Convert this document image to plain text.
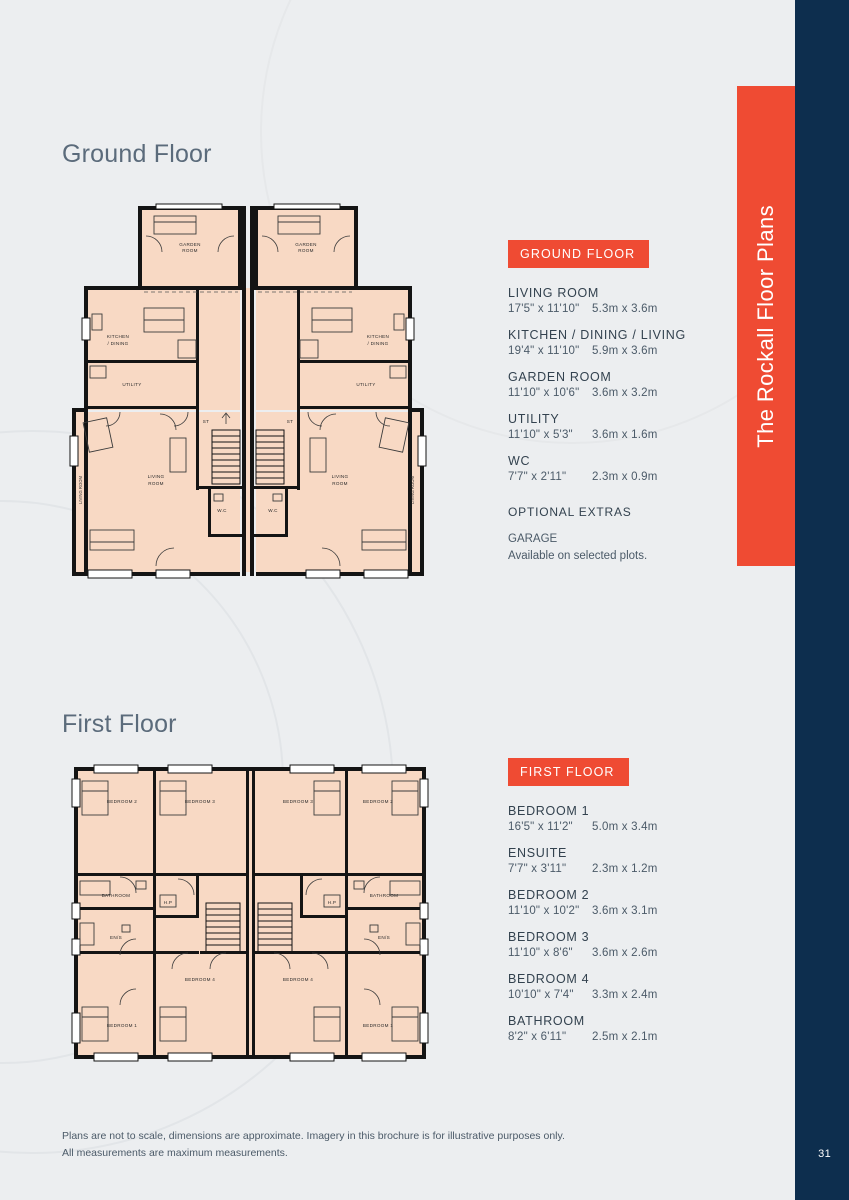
31
The Rockall Floor Plans
Ground Floor
GARDEN
ROOM
GARDEN
ROOM
KITCHEN
/ DINING
KITCHEN
/ DINING
UTILITY	UTILITY
LIVING
ROOM
LIVING
ROOM
ST	ST
W.C	W.C
LIVING ROOM	LIVING ROOM
GROUND FLOOR
LIVING ROOM
17'5" x 11'10" 5.3m x 3.6m
KITCHEN / DINING / LIVING
19'4" x 11'10" 5.9m x 3.6m
GARDEN ROOM
11'10" x 10'6" 3.6m x 3.2m
UTILITY
11'10" x 5'3" 3.6m x 1.6m
WC
7'7" x 2'11" 2.3m x 0.9m
OPTIONAL EXTRAS
GARAGE
Available on selected plots.
First Floor
BEDROOM 2	BEDROOM 3	BEDROOM 3	BEDROOM 2
BATHROOM	BATHROOM
H.P	H.P
EN/S	EN/S
BEDROOM 4	BEDROOM 4
BEDROOM 1	BEDROOM 1
FIRST FLOOR
BEDROOM 1
16'5" x 11'2" 5.0m x 3.4m
ENSUITE
7'7" x 3'11" 2.3m x 1.2m
BEDROOM 2
11'10" x 10'2" 3.6m x 3.1m
BEDROOM 3
11'10" x 8'6" 3.6m x 2.6m
BEDROOM 4
10'10" x 7'4" 3.3m x 2.4m
BATHROOM
8'2" x 6'11" 2.5m x 2.1m
Plans are not to scale, dimensions are approximate. Imagery in this brochure is for illustrative purposes only.
All measurements are maximum measurements.
